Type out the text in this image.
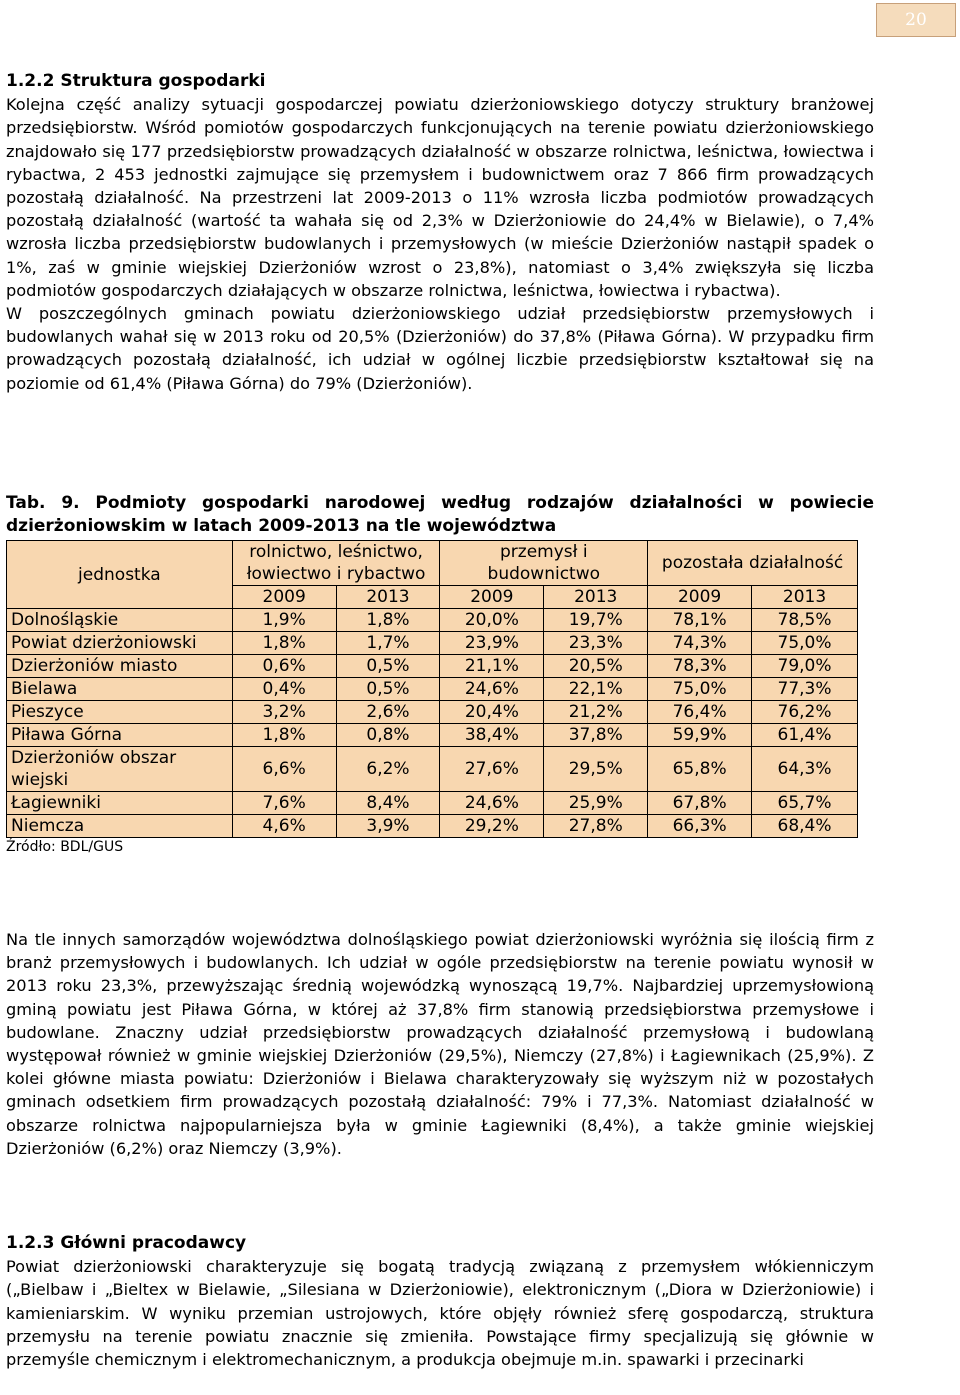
20
1.2.2 Struktura gospodarki

Kolejna część analizy sytuacji gospodarczej powiatu dzierżoniowskiego dotyczy struktury branżowej przedsiębiorstw. Wśród pomiotów gospodarczych funkcjonujących na terenie powiatu dzierżoniowskiego znajdowało się 177 przedsiębiorstw prowadzących działalność w obszarze rolnictwa, leśnictwa, łowiectwa i rybactwa, 2 453 jednostki zajmujące się przemysłem i budownictwem oraz 7 866 firm prowadzących pozostałą działalność. Na przestrzeni lat 2009-2013 o 11% wzrosła liczba podmiotów prowadzących pozostałą działalność (wartość ta wahała się od 2,3% w Dzierżoniowie do 24,4% w Bielawie), o 7,4% wzrosła liczba przedsiębiorstw budowlanych i przemysłowych (w mieście Dzierżoniów nastąpił spadek o 1%, zaś w gminie wiejskiej Dzierżoniów wzrost o 23,8%), natomiast o 3,4% zwiększyła się liczba podmiotów gospodarczych działających w obszarze rolnictwa, leśnictwa, łowiectwa i rybactwa).

W poszczególnych gminach powiatu dzierżoniowskiego udział przedsiębiorstw przemysłowych i budowlanych wahał się w 2013 roku od 20,5% (Dzierżoniów) do 37,8% (Piława Górna). W przypadku firm prowadzących pozostałą działalność, ich udział w ogólnej liczbie przedsiębiorstw kształtował się na poziomie od 61,4% (Piława Górna) do 79% (Dzierżoniów).

Tab. 9. Podmioty gospodarki narodowej według rodzajów działalności w powiecie dzierżoniowskim w latach 2009-2013 na tle województwa
jednostka	rolnictwo, leśnictwo, łowiectwo i rybactwo		przemysł i budownictwo		pozostała działalność	
	2009	2013	2009	2013	2009	2013
Dolnośląskie	1,9%	1,8%	20,0%	19,7%	78,1%	78,5%
Powiat dzierżoniowski	1,8%	1,7%	23,9%	23,3%	74,3%	75,0%
Dzierżoniów miasto	0,6%	0,5%	21,1%	20,5%	78,3%	79,0%
Bielawa	0,4%	0,5%	24,6%	22,1%	75,0%	77,3%
Pieszyce	3,2%	2,6%	20,4%	21,2%	76,4%	76,2%
Piława Górna	1,8%	0,8%	38,4%	37,8%	59,9%	61,4%
Dzierżoniów obszar wiejski	6,6%	6,2%	27,6%	29,5%	65,8%	64,3%
Łagiewniki	7,6%	8,4%	24,6%	25,9%	67,8%	65,7%
Niemcza	4,6%	3,9%	29,2%	27,8%	66,3%	68,4%
Źródło: BDL/GUS

Na tle innych samorządów województwa dolnośląskiego powiat dzierżoniowski wyróżnia się ilością firm z branż przemysłowych i budowlanych. Ich udział w ogóle przedsiębiorstw na terenie powiatu wynosił w 2013 roku 23,3%, przewyższając średnią wojewódzką wynoszącą 19,7%. Najbardziej uprzemysłowioną gminą powiatu jest Piława Górna, w której aż 37,8% firm stanowią przedsiębiorstwa przemysłowe i budowlane. Znaczny udział przedsiębiorstw prowadzących działalność przemysłową i budowlaną występował również w gminie wiejskiej Dzierżoniów (29,5%), Niemczy (27,8%) i Łagiewnikach (25,9%). Z kolei główne miasta powiatu: Dzierżoniów i Bielawa charakteryzowały się wyższym niż w pozostałych gminach odsetkiem firm prowadzących pozostałą działalność: 79% i 77,3%. Natomiast działalność w obszarze rolnictwa najpopularniejsza była w gminie Łagiewniki (8,4%), a także gminie wiejskiej Dzierżoniów (6,2%) oraz Niemczy (3,9%).

1.2.3 Główni pracodawcy

Powiat dzierżoniowski charakteryzuje się bogatą tradycją związaną z przemysłem włókienniczym („Bielbaw i „Bieltex w Bielawie, „Silesiana w Dzierżoniowie), elektronicznym („Diora w Dzierżoniowie) i kamieniarskim. W wyniku przemian ustrojowych, które objęły również sferę gospodarczą, struktura przemysłu na terenie powiatu znacznie się zmieniła. Powstające firmy specjalizują się głównie w przemyśle chemicznym i elektromechanicznym, a produkcja obejmuje m.in. spawarki i przecinarki
